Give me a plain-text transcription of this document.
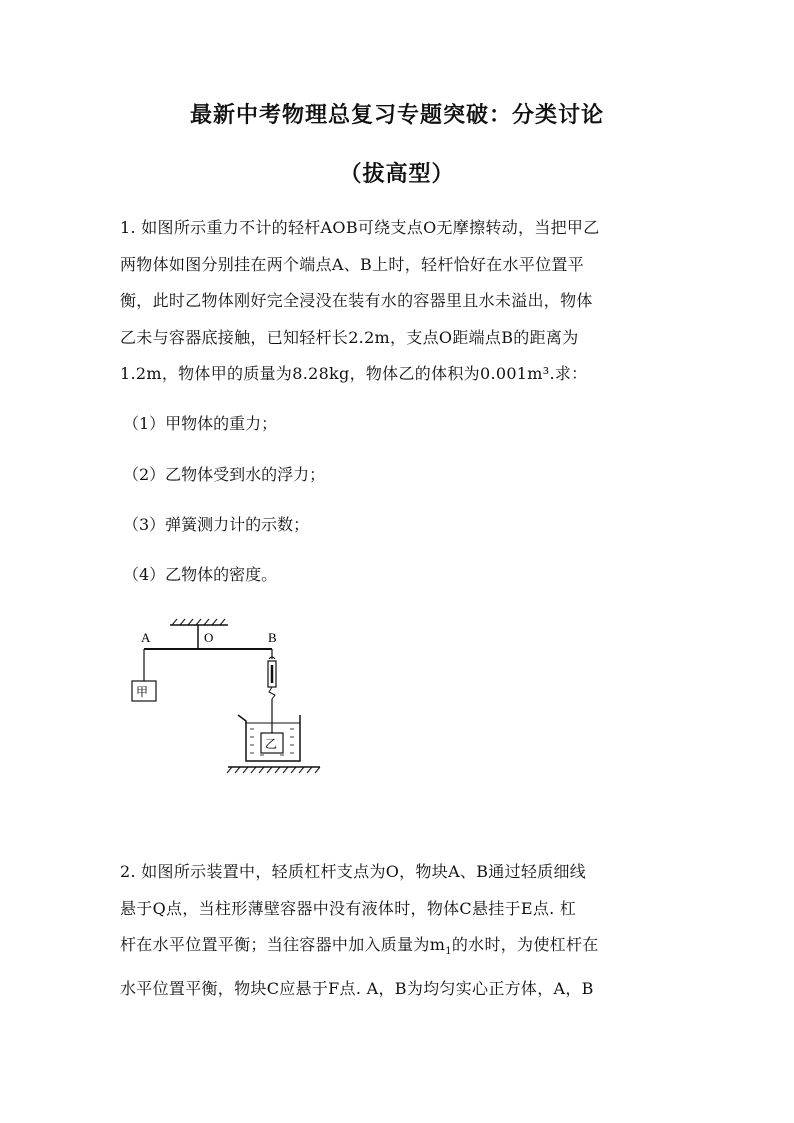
最新中考物理总复习专题突破：分类讨论
（拔高型）
1. 如图所示重力不计的轻杆AOB可绕支点O无摩擦转动，当把甲乙
两物体如图分别挂在两个端点A、B上时，轻杆恰好在水平位置平
衡，此时乙物体刚好完全浸没在装有水的容器里且水未溢出，物体
乙未与容器底接触，已知轻杆长2.2m，支点O距端点B的距离为
1.2m，物体甲的质量为8.28kg，物体乙的体积为0.001m³.求：
（1）甲物体的重力；
（2）乙物体受到水的浮力；
（3）弹簧测力计的示数；
（4）乙物体的密度。
A	O	B
甲
乙
2. 如图所示装置中，轻质杠杆支点为O，物块A、B通过轻质细线
悬于Q点，当柱形薄壁容器中没有液体时，物体C悬挂于E点. 杠
杆在水平位置平衡；当往容器中加入质量为$m_1$的水时，为使杠杆在
水平位置平衡，物块C应悬于F点. A，B为均匀实心正方体，A，B
